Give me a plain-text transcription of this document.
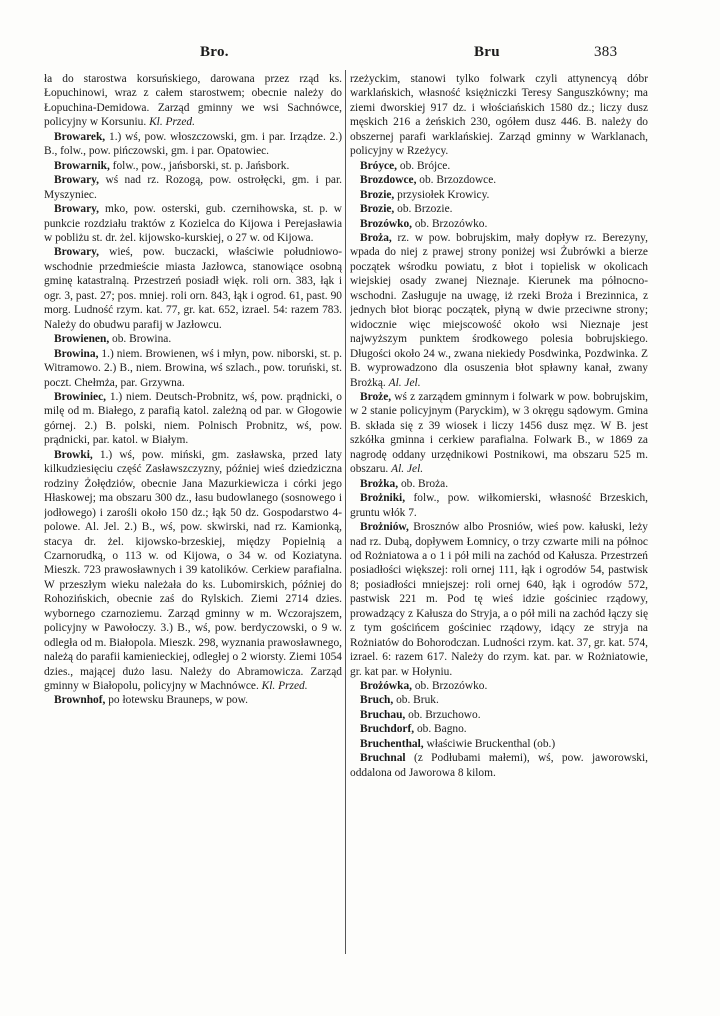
Bro.	Bru	383

ła do starostwa korsuńskiego, darowana przez rząd ks. Łopuchinowi, wraz z całem starostwem; obecnie należy do Łopuchina-Demidowa. Zarząd gminny we wsi Sachnówce, policyjny w Korsuniu. Kl. Przed.

Browarek, 1.) wś, pow. włoszczowski, gm. i par. Irządze. 2.) B., folw., pow. pińczowski, gm. i par. Opatowiec.

Browarnik, folw., pow., jańsborski, st. p. Jańsbork.

Browary, wś nad rz. Rozogą, pow. ostrołęcki, gm. i par. Myszyniec.

Browary, mko, pow. osterski, gub. czernihowska, st. p. w punkcie rozdziału traktów z Kozielca do Kijowa i Perejasławia w pobliżu st. dr. żel. kijowsko-kurskiej, o 27 w. od Kijowa.

Browary, wieś, pow. buczacki, właściwie południowo-wschodnie przedmieście miasta Jazłowca, stanowiące osobną gminę katastralną. Przestrzeń posiadł więk. roli orn. 383, łąk i ogr. 3, past. 27; pos. mniej. roli orn. 843, łąk i ogrod. 61, past. 90 morg. Ludność rzym. kat. 77, gr. kat. 652, izrael. 54: razem 783. Należy do obudwu parafij w Jazłowcu.

Browienen, ob. Browina.

Browina, 1.) niem. Browienen, wś i młyn, pow. niborski, st. p. Witramowo. 2.) B., niem. Browina, wś szlach., pow. toruński, st. poczt. Chełmża, par. Grzywna.

Browiniec, 1.) niem. Deutsch-Probnitz, wś, pow. prądnicki, o milę od m. Białego, z parafią katol. zależną od par. w Głogowie górnej. 2.) B. polski, niem. Polnisch Probnitz, wś, pow. prądnicki, par. katol. w Białym.

Browki, 1.) wś, pow. miński, gm. zasławska, przed laty kilkudziesięciu część Zasławszczyzny, później wieś dziedziczna rodziny Żołędziów, obecnie Jana Mazurkiewicza i córki jego Hłaskowej; ma obszaru 300 dz., łasu budowlanego (sosnowego i jodłowego) i zarośli około 150 dz.; łąk 50 dz. Gospodarstwo 4-polowe. Al. Jel. 2.) B., wś, pow. skwirski, nad rz. Kamionką, stacya dr. żel. kijowsko-brzeskiej, między Popielnią a Czarnorudką, o 113 w. od Kijowa, o 34 w. od Koziatyna. Mieszk. 723 prawosławnych i 39 katolików. Cerkiew parafialna. W przeszłym wieku należała do ks. Lubomirskich, później do Rohozińskich, obecnie zaś do Rylskich. Ziemi 2714 dzies. wybornego czarnoziemu. Zarząd gminny w m. Wczorajszem, policyjny w Pawołoczy. 3.) B., wś, pow. berdyczowski, o 9 w. odległa od m. Białopola. Mieszk. 298, wyznania prawosławnego, należą do parafii kamienieckiej, odległej o 2 wiorsty. Ziemi 1054 dzies., mającej dużo lasu. Należy do Abramowicza. Zarząd gminny w Białopolu, policyjny w Machnówce. Kl. Przed.

Brownhof, po łotewsku Brauneps, w pow.

rzeżyckim, stanowi tylko folwark czyli attynencyą dóbr warklańskich, własność księżniczki Teresy Sanguszkówny; ma ziemi dworskiej 917 dz. i włościańskich 1580 dz.; liczy dusz męskich 216 a żeńskich 230, ogółem dusz 446. B. należy do obszernej parafi warklańskiej. Zarząd gminny w Warklanach, policyjny w Rzeżycy.

Bróyce, ob. Brójce.

Brozdowce, ob. Brzozdowce.

Brozie, przysiołek Krowicy.

Brozie, ob. Brzozie.

Brozówko, ob. Brzozówko.

Broża, rz. w pow. bobrujskim, mały dopływ rz. Berezyny, wpada do niej z prawej strony poniżej wsi Żubrówki a bierze początek wśrodku powiatu, z błot i topielisk w okolicach wiejskiej osady zwanej Nieznaje. Kierunek ma północno-wschodni. Zasługuje na uwagę, iż rzeki Broża i Brezinnica, z jednych błot biorąc początek, płyną w dwie przeciwne strony; widocznie więc miejscowość około wsi Nieznaje jest najwyższym punktem środkowego polesia bobrujskiego. Długości około 24 w., zwana niekiedy Posdwinka, Pozdwinka. Z B. wyprowadzono dla osuszenia błot spławny kanał, zwany Brożką. Al. Jel.

Broże, wś z zarządem gminnym i folwark w pow. bobrujskim, w 2 stanie policyjnym (Paryckim), w 3 okręgu sądowym. Gmina B. składa się z 39 wiosek i liczy 1456 dusz męz. W B. jest szkółka gminna i cerkiew parafialna. Folwark B., w 1869 za nagrodę oddany urzędnikowi Postnikowi, ma obszaru 525 m. obszaru. Al. Jel.

Brożka, ob. Broża.

Brożniki, folw., pow. wiłkomierski, własność Brzeskich, gruntu włók 7.

Brożniów, Brosznów albo Prosniów, wieś pow. kałuski, leży nad rz. Dubą, dopływem Łomnicy, o trzy czwarte mili na północ od Rożniatowa a o 1 i pół mili na zachód od Kałusza. Przestrzeń posiadłości większej: roli ornej 111, łąk i ogrodów 54, pastwisk 8; posiadłości mniejszej: roli ornej 640, łąk i ogrodów 572, pastwisk 221 m. Pod tę wieś idzie gościniec rządowy, prowadzący z Kałusza do Stryja, a o pół mili na zachód łączy się z tym gościńcem gościniec rządowy, idący ze stryja na Rożniatów do Bohorodczan. Ludności rzym. kat. 37, gr. kat. 574, izrael. 6: razem 617. Należy do rzym. kat. par. w Rożniatowie, gr. kat par. w Hołyniu.

Brożówka, ob. Brzozówko.

Bruch, ob. Bruk.

Bruchau, ob. Brzuchowo.

Bruchdorf, ob. Bagno.

Bruchenthal, właściwie Bruckenthal (ob.)

Bruchnal (z Podłubami małemi), wś, pow. jaworowski, oddalona od Jaworowa 8 kilom.
